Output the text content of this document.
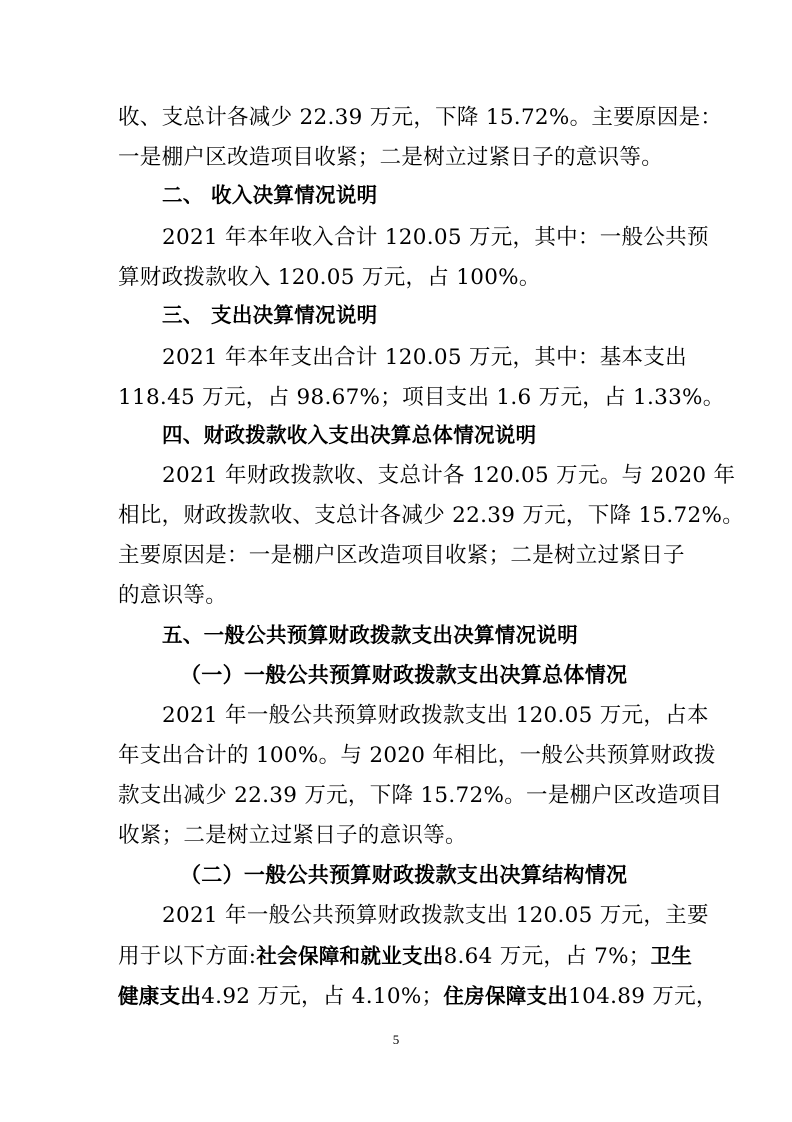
收、支总计各减少 22.39 万元，下降 15.72%。主要原因是：
一是棚户区改造项目收紧；二是树立过紧日子的意识等。
二、 收入决算情况说明
2021 年本年收入合计 120.05 万元，其中：一般公共预
算财政拨款收入 120.05 万元，占 100%。
三、 支出决算情况说明
2021 年本年支出合计 120.05 万元，其中：基本支出
118.45 万元，占 98.67%；项目支出 1.6 万元，占 1.33%。
四、财政拨款收入支出决算总体情况说明
2021 年财政拨款收、支总计各 120.05 万元。与 2020 年
相比，财政拨款收、支总计各减少 22.39 万元，下降 15.72%。
主要原因是：一是棚户区改造项目收紧；二是树立过紧日子
的意识等。
五、一般公共预算财政拨款支出决算情况说明
（一）一般公共预算财政拨款支出决算总体情况
2021 年一般公共预算财政拨款支出 120.05 万元，占本
年支出合计的 100%。与 2020 年相比，一般公共预算财政拨
款支出减少 22.39 万元，下降 15.72%。一是棚户区改造项目
收紧；二是树立过紧日子的意识等。
（二）一般公共预算财政拨款支出决算结构情况
2021 年一般公共预算财政拨款支出 120.05 万元，主要
用于以下方面:社会保障和就业支出8.64 万元，占 7%；卫生
健康支出4.92 万元，占 4.10%；住房保障支出104.89 万元，
5
